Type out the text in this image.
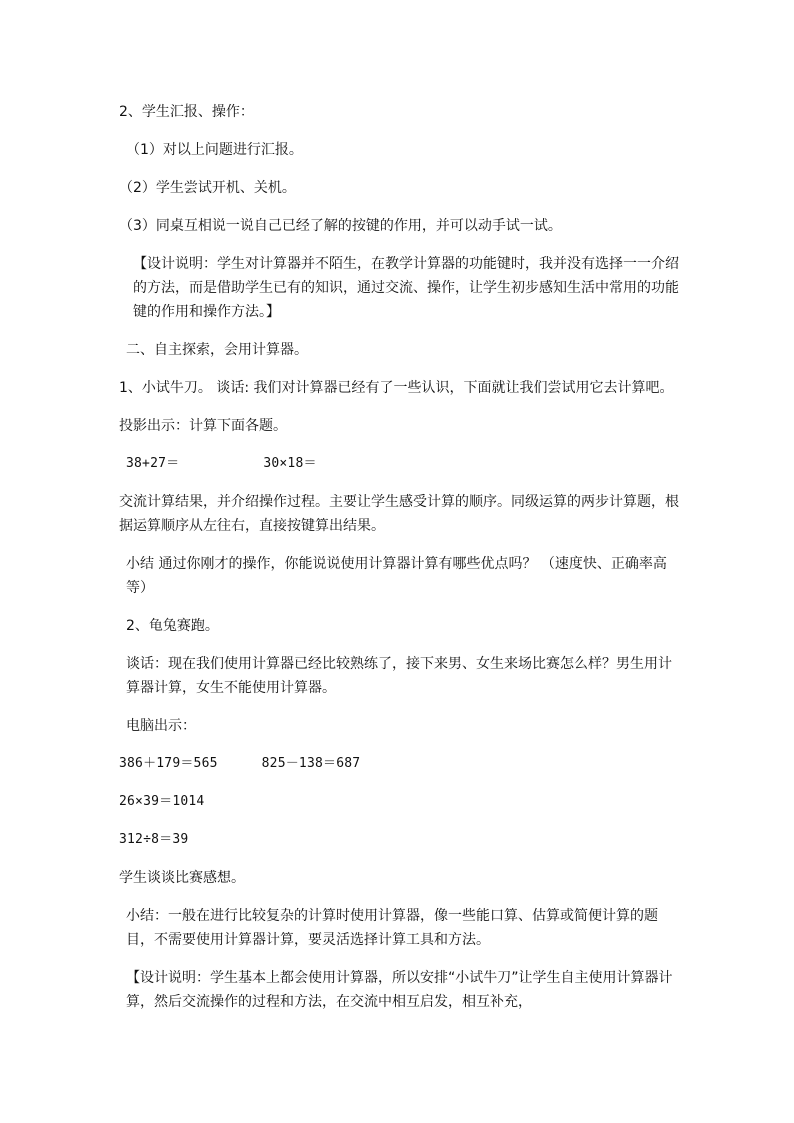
2、学生汇报、操作：

（1）对以上问题进行汇报。

（2）学生尝试开机、关机。

（3）同桌互相说一说自己已经了解的按键的作用，并可以动手试一试。

【设计说明：学生对计算器并不陌生，在教学计算器的功能键时，我并没有选择一一介绍的方法，而是借助学生已有的知识，通过交流、操作，让学生初步感知生活中常用的功能键的作用和操作方法。】

二、自主探索，会用计算器。

1、小试牛刀。 谈话: 我们对计算器已经有了一些认识，下面就让我们尝试用它去计算吧。

投影出示：计算下面各题。

38+27＝	30×18＝

交流计算结果，并介绍操作过程。主要让学生感受计算的顺序。同级运算的两步计算题，根据运算顺序从左往右，直接按键算出结果。

小结 通过你刚才的操作，你能说说使用计算器计算有哪些优点吗？ （速度快、正确率高等）

2、龟兔赛跑。

谈话：现在我们使用计算器已经比较熟练了，接下来男、女生来场比赛怎么样？男生用计算器计算，女生不能使用计算器。

电脑出示：

386＋179＝565	825－138＝687

26×39＝1014

312÷8＝39

学生谈谈比赛感想。

小结：一般在进行比较复杂的计算时使用计算器，像一些能口算、估算或简便计算的题目，不需要使用计算器计算，要灵活选择计算工具和方法。

【设计说明：学生基本上都会使用计算器，所以安排“小试牛刀”让学生自主使用计算器计算，然后交流操作的过程和方法，在交流中相互启发，相互补充，
